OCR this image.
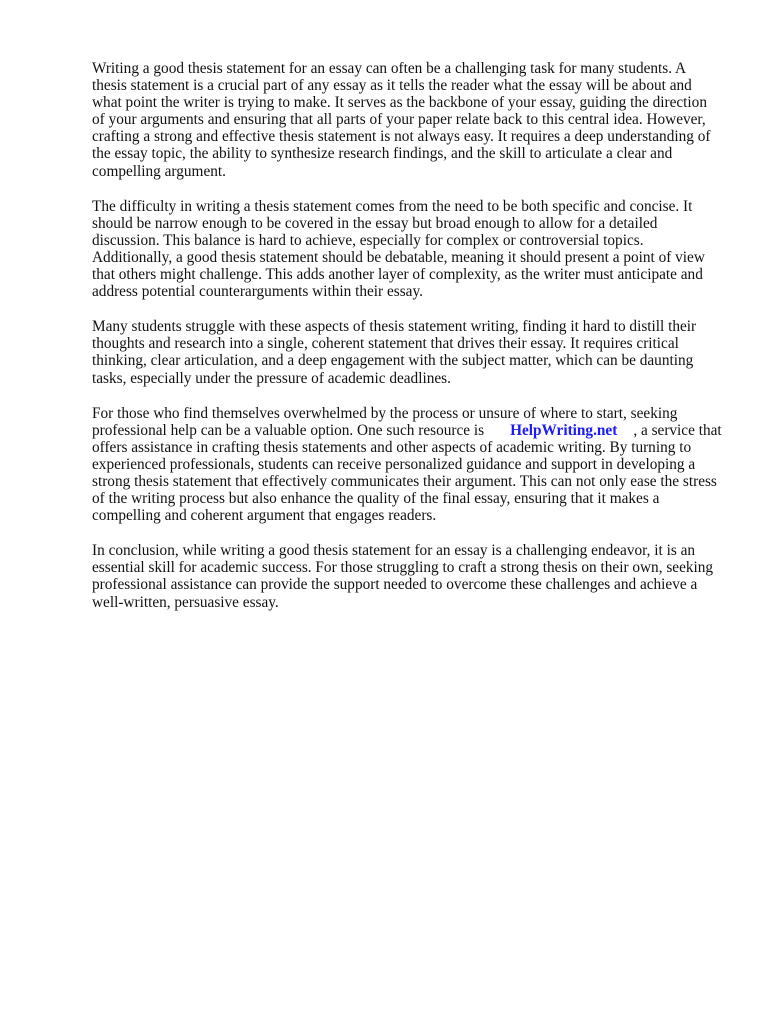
Writing a good thesis statement for an essay can often be a challenging task for many students. A thesis statement is a crucial part of any essay as it tells the reader what the essay will be about and what point the writer is trying to make. It serves as the backbone of your essay, guiding the direction of your arguments and ensuring that all parts of your paper relate back to this central idea. However, crafting a strong and effective thesis statement is not always easy. It requires a deep understanding of the essay topic, the ability to synthesize research findings, and the skill to articulate a clear and compelling argument.

The difficulty in writing a thesis statement comes from the need to be both specific and concise. It should be narrow enough to be covered in the essay but broad enough to allow for a detailed discussion. This balance is hard to achieve, especially for complex or controversial topics. Additionally, a good thesis statement should be debatable, meaning it should present a point of view that others might challenge. This adds another layer of complexity, as the writer must anticipate and address potential counterarguments within their essay.

Many students struggle with these aspects of thesis statement writing, finding it hard to distill their thoughts and research into a single, coherent statement that drives their essay. It requires critical thinking, clear articulation, and a deep engagement with the subject matter, which can be daunting tasks, especially under the pressure of academic deadlines.

For those who find themselves overwhelmed by the process or unsure of where to start, seeking professional help can be a valuable option. One such resource is HelpWriting.net , a service that offers assistance in crafting thesis statements and other aspects of academic writing. By turning to experienced professionals, students can receive personalized guidance and support in developing a strong thesis statement that effectively communicates their argument. This can not only ease the stress of the writing process but also enhance the quality of the final essay, ensuring that it makes a compelling and coherent argument that engages readers.

In conclusion, while writing a good thesis statement for an essay is a challenging endeavor, it is an essential skill for academic success. For those struggling to craft a strong thesis on their own, seeking professional assistance can provide the support needed to overcome these challenges and achieve a well-written, persuasive essay.
